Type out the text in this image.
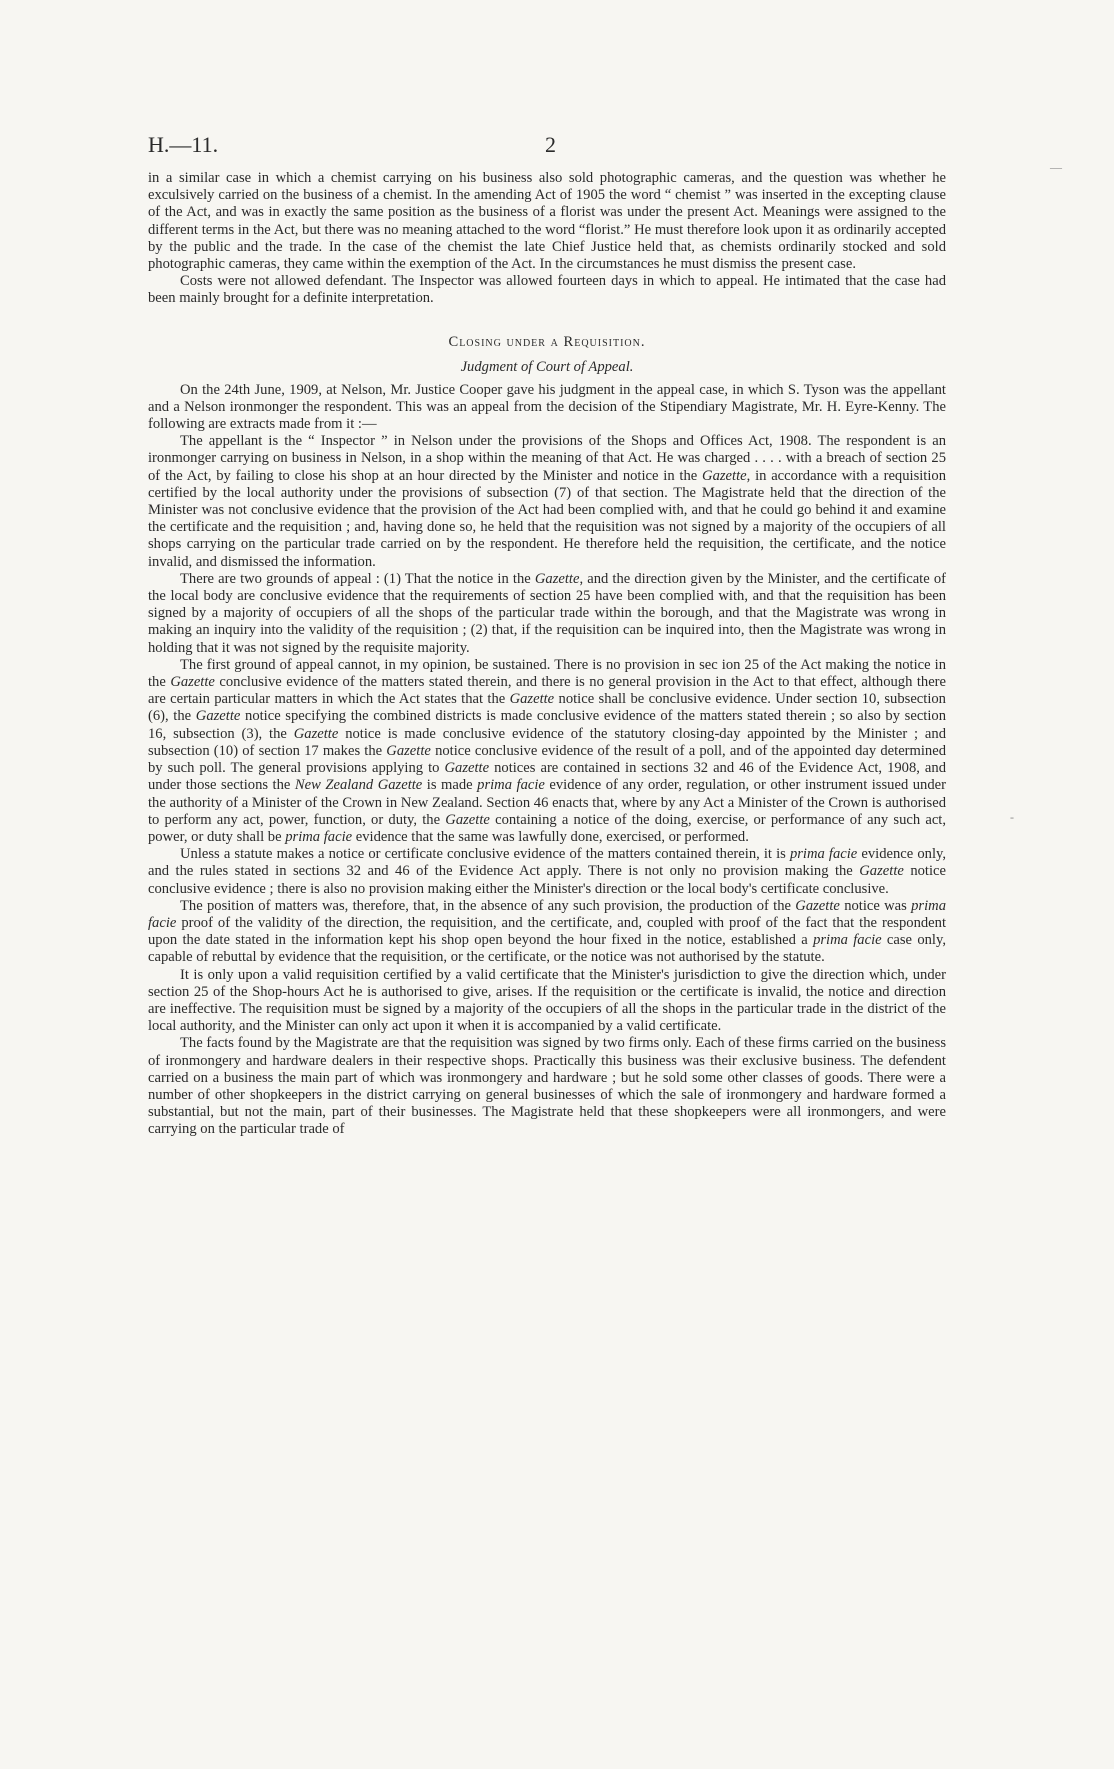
H.—11.	2

in a similar case in which a chemist carrying on his business also sold photographic cameras, and the question was whether he exculsively carried on the business of a chemist. In the amending Act of 1905 the word “ chemist ” was inserted in the excepting clause of the Act, and was in exactly the same position as the business of a florist was under the present Act. Meanings were assigned to the different terms in the Act, but there was no meaning attached to the word “florist.” He must therefore look upon it as ordinarily accepted by the public and the trade. In the case of the chemist the late Chief Justice held that, as chemists ordinarily stocked and sold photographic cameras, they came within the exemption of the Act. In the circumstances he must dismiss the present case.

Costs were not allowed defendant. The Inspector was allowed fourteen days in which to appeal. He intimated that the case had been mainly brought for a definite interpretation.

Closing under a Requisition.
Judgment of Court of Appeal.

On the 24th June, 1909, at Nelson, Mr. Justice Cooper gave his judgment in the appeal case, in which S. Tyson was the appellant and a Nelson ironmonger the respondent. This was an appeal from the decision of the Stipendiary Magistrate, Mr. H. Eyre-Kenny. The following are extracts made from it :—

The appellant is the “ Inspector ” in Nelson under the provisions of the Shops and Offices Act, 1908. The respondent is an ironmonger carrying on business in Nelson, in a shop within the meaning of that Act. He was charged . . . . with a breach of section 25 of the Act, by failing to close his shop at an hour directed by the Minister and notice in the Gazette, in accordance with a requisition certified by the local authority under the provisions of subsection (7) of that section. The Magistrate held that the direction of the Minister was not conclusive evidence that the provision of the Act had been complied with, and that he could go behind it and examine the certificate and the requisition ; and, having done so, he held that the requisition was not signed by a majority of the occupiers of all shops carrying on the particular trade carried on by the respondent. He therefore held the requisition, the certificate, and the notice invalid, and dismissed the information.

There are two grounds of appeal : (1) That the notice in the Gazette, and the direction given by the Minister, and the certificate of the local body are conclusive evidence that the requirements of section 25 have been complied with, and that the requisition has been signed by a majority of occupiers of all the shops of the particular trade within the borough, and that the Magistrate was wrong in making an inquiry into the validity of the requisition ; (2) that, if the requisition can be inquired into, then the Magistrate was wrong in holding that it was not signed by the requisite majority.

The first ground of appeal cannot, in my opinion, be sustained. There is no provision in sec ion 25 of the Act making the notice in the Gazette conclusive evidence of the matters stated therein, and there is no general provision in the Act to that effect, although there are certain particular matters in which the Act states that the Gazette notice shall be conclusive evidence. Under section 10, subsection (6), the Gazette notice specifying the combined districts is made conclusive evidence of the matters stated therein ; so also by section 16, subsection (3), the Gazette notice is made conclusive evidence of the statutory closing-day appointed by the Minister ; and subsection (10) of section 17 makes the Gazette notice conclusive evidence of the result of a poll, and of the appointed day determined by such poll. The general provisions applying to Gazette notices are contained in sections 32 and 46 of the Evidence Act, 1908, and under those sections the New Zealand Gazette is made prima facie evidence of any order, regulation, or other instrument issued under the authority of a Minister of the Crown in New Zealand. Section 46 enacts that, where by any Act a Minister of the Crown is authorised to perform any act, power, function, or duty, the Gazette containing a notice of the doing, exercise, or performance of any such act, power, or duty shall be prima facie evidence that the same was lawfully done, exercised, or performed.

Unless a statute makes a notice or certificate conclusive evidence of the matters contained therein, it is prima facie evidence only, and the rules stated in sections 32 and 46 of the Evidence Act apply. There is not only no provision making the Gazette notice conclusive evidence ; there is also no provision making either the Minister's direction or the local body's certificate conclusive.

The position of matters was, therefore, that, in the absence of any such provision, the production of the Gazette notice was prima facie proof of the validity of the direction, the requisition, and the certificate, and, coupled with proof of the fact that the respondent upon the date stated in the information kept his shop open beyond the hour fixed in the notice, established a prima facie case only, capable of rebuttal by evidence that the requisition, or the certificate, or the notice was not authorised by the statute.

It is only upon a valid requisition certified by a valid certificate that the Minister's jurisdiction to give the direction which, under section 25 of the Shop-hours Act he is authorised to give, arises. If the requisition or the certificate is invalid, the notice and direction are ineffective. The requisition must be signed by a majority of the occupiers of all the shops in the particular trade in the district of the local authority, and the Minister can only act upon it when it is accompanied by a valid certificate.

The facts found by the Magistrate are that the requisition was signed by two firms only. Each of these firms carried on the business of ironmongery and hardware dealers in their respective shops. Practically this business was their exclusive business. The defendent carried on a business the main part of which was ironmongery and hardware ; but he sold some other classes of goods. There were a number of other shopkeepers in the district carrying on general businesses of which the sale of ironmongery and hardware formed a substantial, but not the main, part of their businesses. The Magistrate held that these shopkeepers were all ironmongers, and were carrying on the particular trade of

—
-
